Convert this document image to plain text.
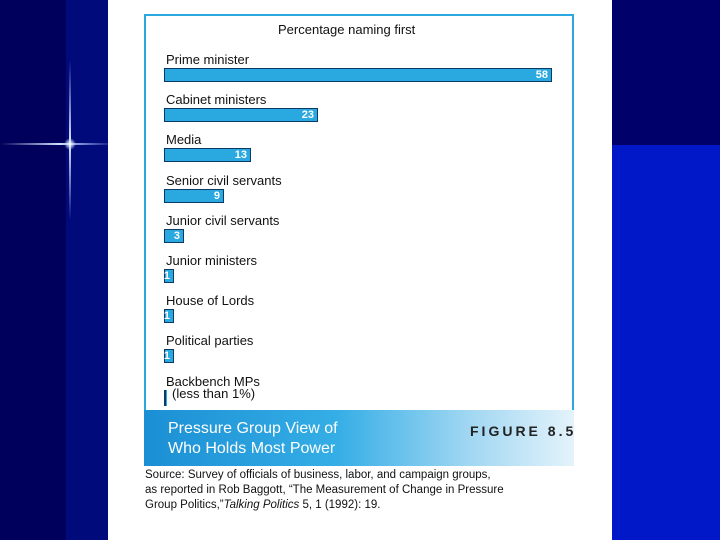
Percentage naming first
Prime minister
58
Cabinet ministers
23
Media
13
Senior civil servants
9
Junior civil servants
3
Junior ministers
1
House of Lords
1
Political parties
1
Backbench MPs
(less than 1%)
Pressure Group View of
Who Holds Most Power
FIGURE 8.5
Source: Survey of officials of business, labor, and campaign groups,
as reported in Rob Baggott, “The Measurement of Change in Pressure
Group Politics,”Talking Politics 5, 1 (1992): 19.
